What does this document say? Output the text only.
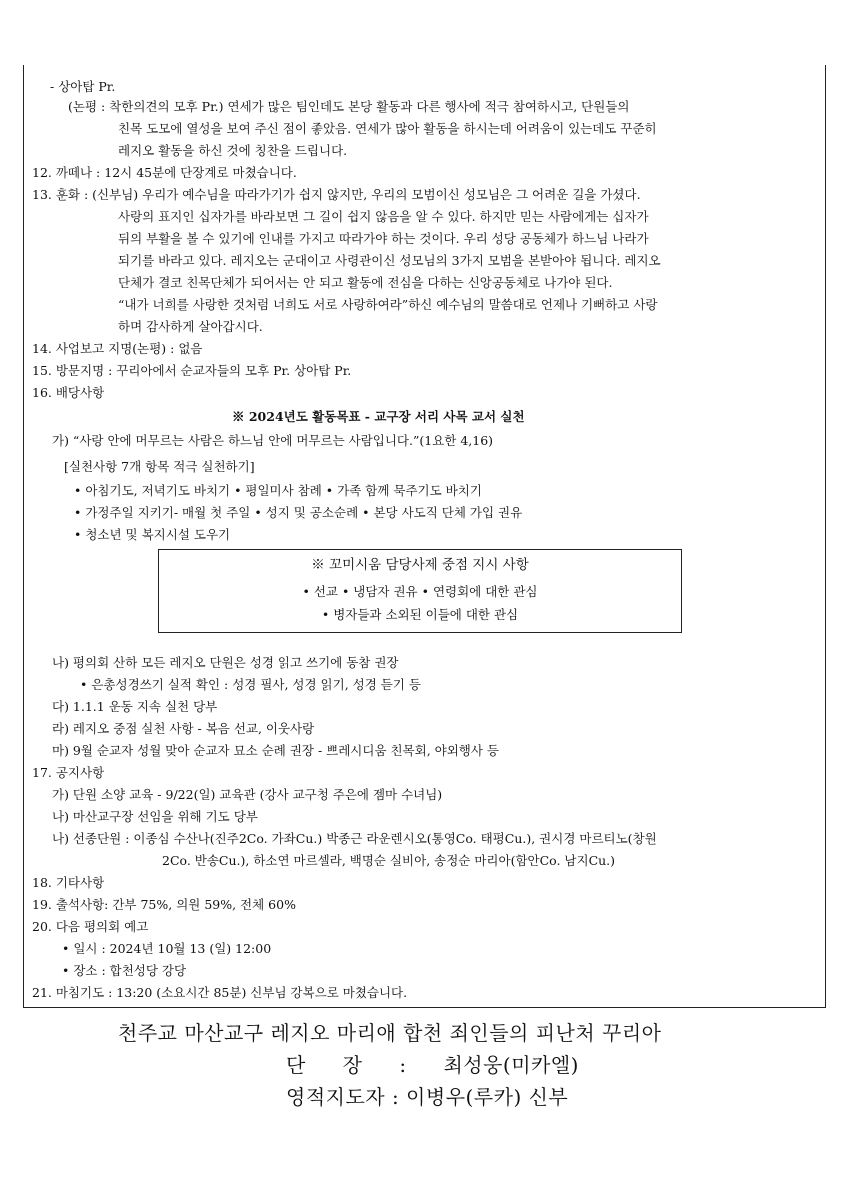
- 상아탑 Pr.
(논평 : 착한의견의 모후 Pr.) 연세가 많은 팀인데도 본당 활동과 다른 행사에 적극 참여하시고, 단원들의
친목 도모에 열성을 보여 주신 점이 좋았음. 연세가 많아 활동을 하시는데 어려움이 있는데도 꾸준히
레지오 활동을 하신 것에 칭찬을 드립니다.
12. 까떼나 : 12시 45분에 단장계로 마쳤습니다.
13. 훈화 : (신부님) 우리가 예수님을 따라가기가 쉽지 않지만, 우리의 모범이신 성모님은 그 어려운 길을 가셨다.
사랑의 표지인 십자가를 바라보면 그 길이 쉽지 않음을 알 수 있다. 하지만 믿는 사람에게는 십자가
뒤의 부활을 볼 수 있기에 인내를 가지고 따라가야 하는 것이다. 우리 성당 공동체가 하느님 나라가
되기를 바라고 있다. 레지오는 군대이고 사령관이신 성모님의 3가지 모범을 본받아야 됩니다. 레지오
단체가 결코 친목단체가 되어서는 안 되고 활동에 전심을 다하는 신앙공동체로 나가야 된다.
“내가 너희를 사랑한 것처럼 너희도 서로 사랑하여라”하신 예수님의 말씀대로 언제나 기뻐하고 사랑
하며 감사하게 살아갑시다.
14. 사업보고 지명(논평) : 없음
15. 방문지명 : 꾸리아에서 순교자들의 모후 Pr. 상아탑 Pr.
16. 배당사항
※ 2024년도 활동목표 - 교구장 서리 사목 교서 실천
가) “사랑 안에 머무르는 사람은 하느님 안에 머무르는 사람입니다.”(1요한 4,16)
[실천사항 7개 항목 적극 실천하기]
• 아침기도, 저녁기도 바치기 • 평일미사 참례 • 가족 함께 묵주기도 바치기
• 가정주일 지키기- 매월 첫 주일 • 성지 및 공소순례 • 본당 사도직 단체 가입 권유
• 청소년 및 복지시설 도우기
※ 꼬미시움 담당사제 중점 지시 사항
• 선교 • 냉담자 권유 • 연령회에 대한 관심
• 병자들과 소외된 이들에 대한 관심
나) 평의회 산하 모든 레지오 단원은 성경 읽고 쓰기에 동참 권장
• 은총성경쓰기 실적 확인 : 성경 필사, 성경 읽기, 성경 듣기 등
다) 1.1.1 운동 지속 실천 당부
라) 레지오 중점 실천 사항 - 복음 선교, 이웃사랑
마) 9월 순교자 성월 맞아 순교자 묘소 순례 권장 - 쁘레시디움 친목회, 야외행사 등
17. 공지사항
가) 단원 소양 교육 - 9/22(일) 교육관 (강사 교구청 주은에 젬마 수녀님)
나) 마산교구장 선임을 위해 기도 당부
나) 선종단원 : 이종심 수산나(진주2Co. 가좌Cu.) 박종근 라운렌시오(통영Co. 태평Cu.), 권시경 마르티노(창원
2Co. 반송Cu.), 하소연 마르셀라, 백명순 실비아, 송정순 마리아(함안Co. 남지Cu.)
18. 기타사항
19. 출석사항: 간부 75%, 의원 59%, 전체 60%
20. 다음 평의회 예고
• 일시 : 2024년 10월 13 (일) 12:00
• 장소 : 합천성당 강당
21. 마침기도 : 13:20 (소요시간 85분) 신부님 강복으로 마쳤습니다.
천주교 마산교구 레지오 마리애 합천 죄인들의 피난처 꾸리아
단 장 : 최성웅(미카엘)
영적지도자 : 이병우(루카) 신부
